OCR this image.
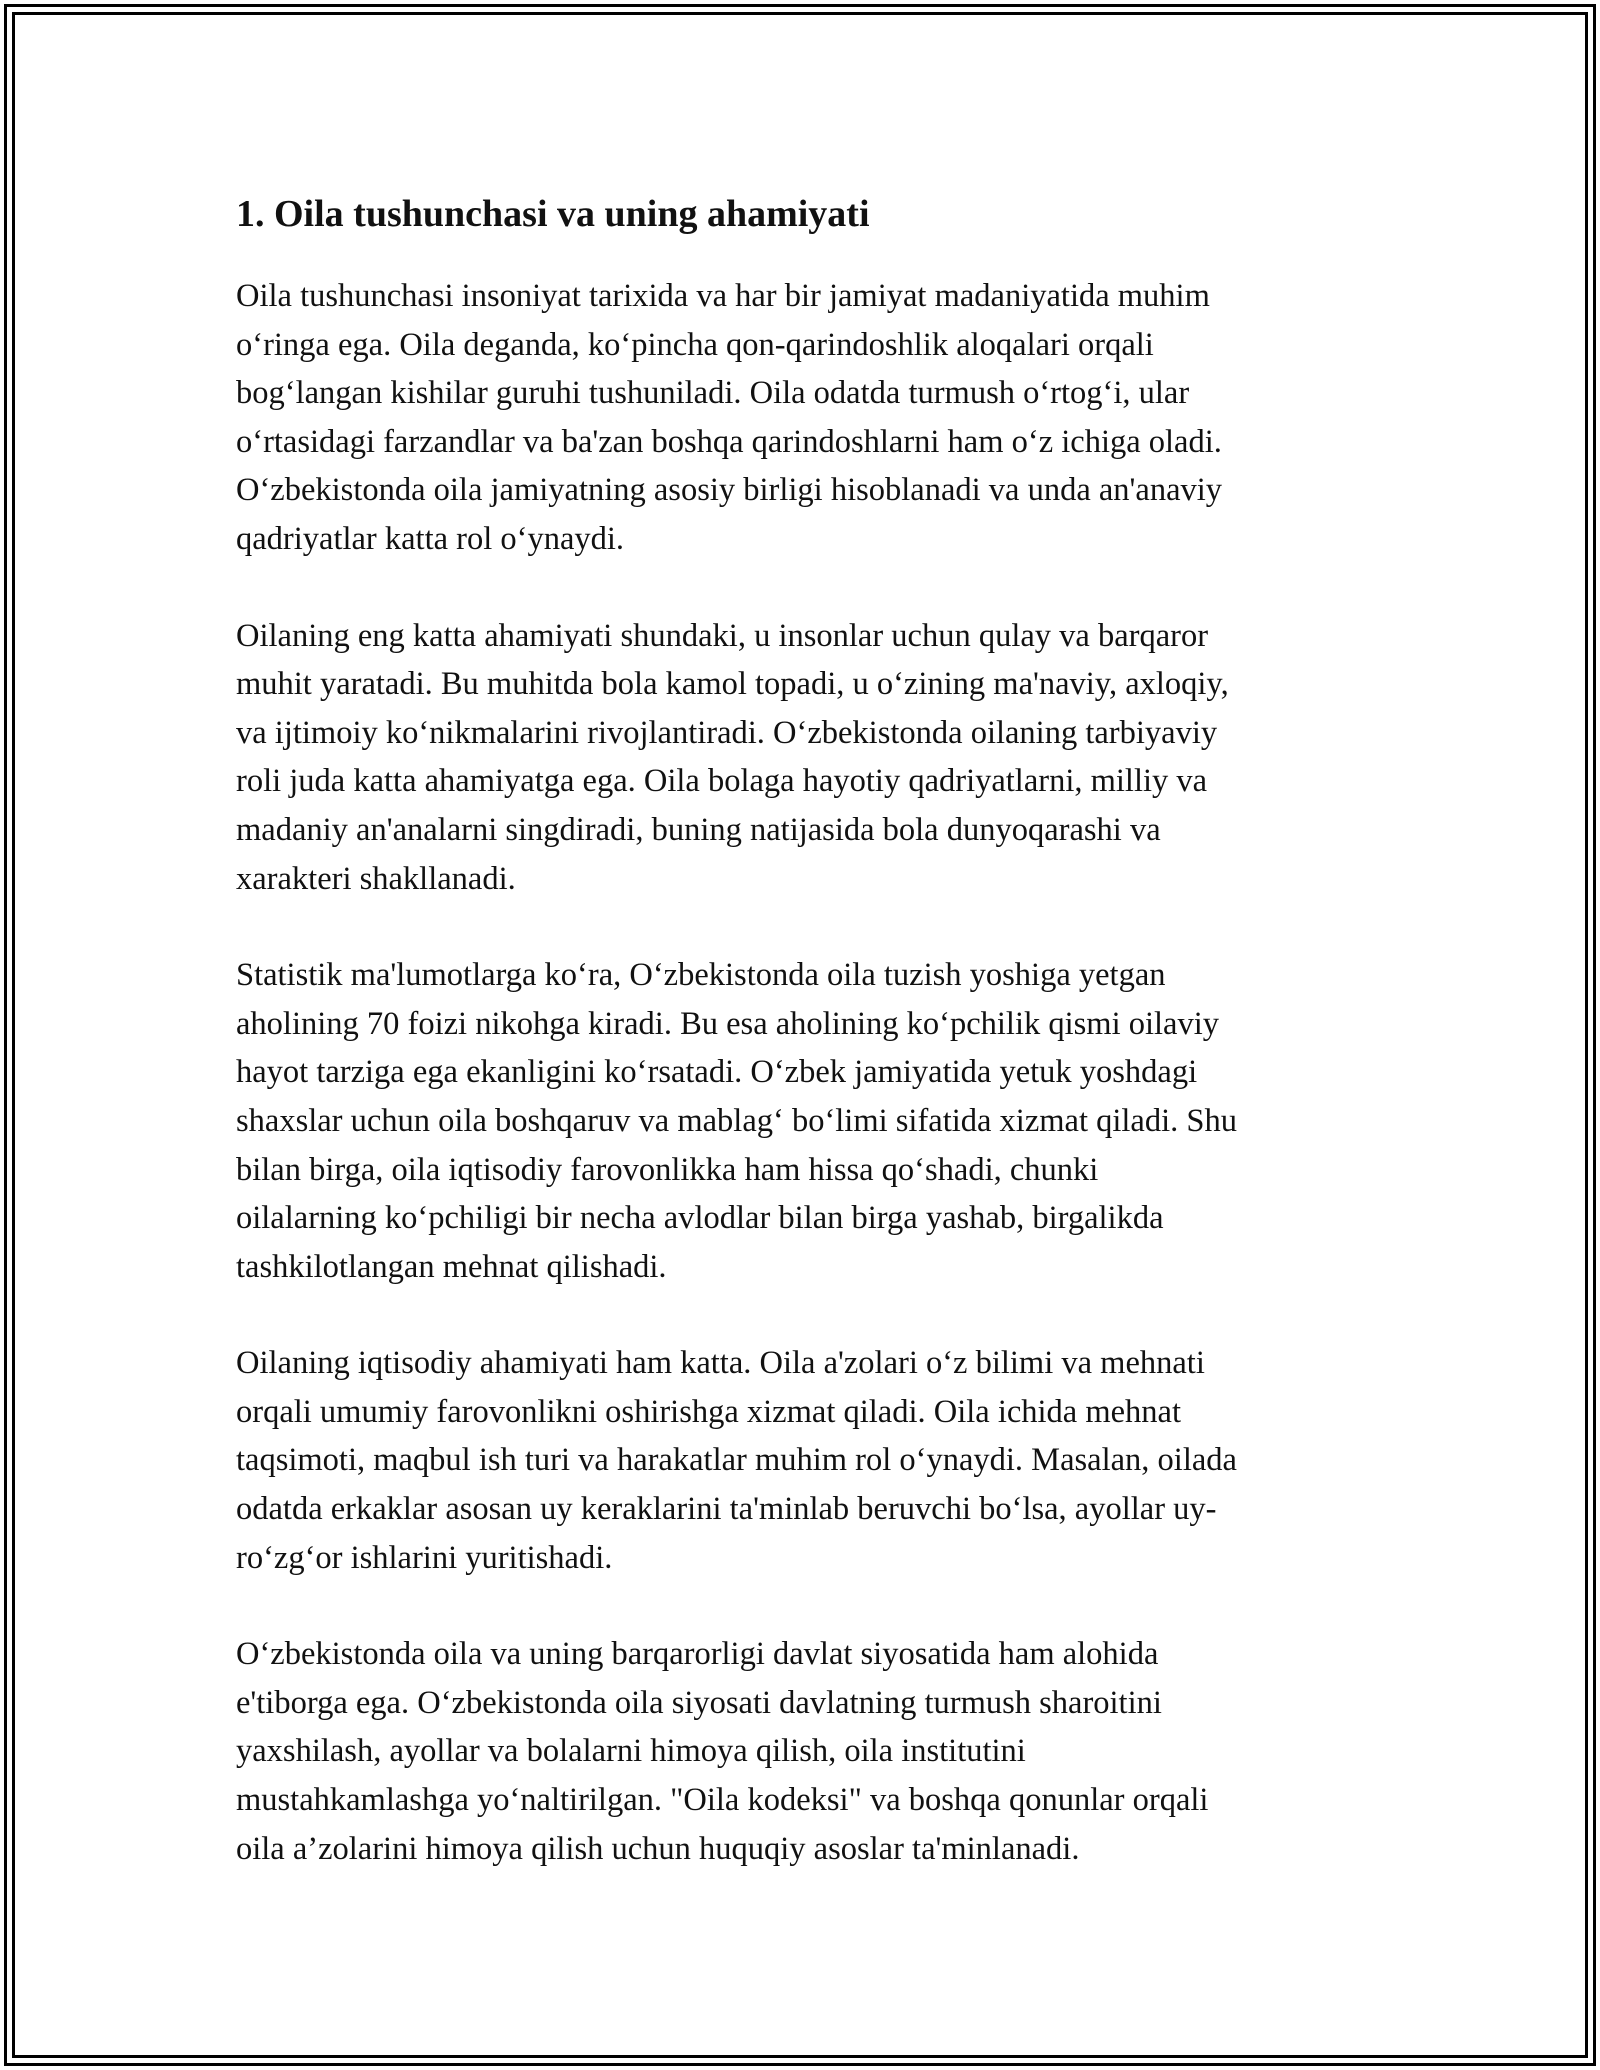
1. Oila tushunchasi va uning ahamiyati

Oila tushunchasi insoniyat tarixida va har bir jamiyat madaniyatida muhim
o‘ringa ega. Oila deganda, ko‘pincha qon-qarindoshlik aloqalari orqali
bog‘langan kishilar guruhi tushuniladi. Oila odatda turmush o‘rtog‘i, ular
o‘rtasidagi farzandlar va ba'zan boshqa qarindoshlarni ham o‘z ichiga oladi.
O‘zbekistonda oila jamiyatning asosiy birligi hisoblanadi va unda an'anaviy
qadriyatlar katta rol o‘ynaydi.

Oilaning eng katta ahamiyati shundaki, u insonlar uchun qulay va barqaror
muhit yaratadi. Bu muhitda bola kamol topadi, u o‘zining ma'naviy, axloqiy,
va ijtimoiy ko‘nikmalarini rivojlantiradi. O‘zbekistonda oilaning tarbiyaviy
roli juda katta ahamiyatga ega. Oila bolaga hayotiy qadriyatlarni, milliy va
madaniy an'analarni singdiradi, buning natijasida bola dunyoqarashi va
xarakteri shakllanadi.

Statistik ma'lumotlarga ko‘ra, O‘zbekistonda oila tuzish yoshiga yetgan
aholining 70 foizi nikohga kiradi. Bu esa aholining ko‘pchilik qismi oilaviy
hayot tarziga ega ekanligini ko‘rsatadi. O‘zbek jamiyatida yetuk yoshdagi
shaxslar uchun oila boshqaruv va mablag‘ bo‘limi sifatida xizmat qiladi. Shu
bilan birga, oila iqtisodiy farovonlikka ham hissa qo‘shadi, chunki
oilalarning ko‘pchiligi bir necha avlodlar bilan birga yashab, birgalikda
tashkilotlangan mehnat qilishadi.

Oilaning iqtisodiy ahamiyati ham katta. Oila a'zolari o‘z bilimi va mehnati
orqali umumiy farovonlikni oshirishga xizmat qiladi. Oila ichida mehnat
taqsimoti, maqbul ish turi va harakatlar muhim rol o‘ynaydi. Masalan, oilada
odatda erkaklar asosan uy keraklarini ta'minlab beruvchi bo‘lsa, ayollar uy-
ro‘zg‘or ishlarini yuritishadi.

O‘zbekistonda oila va uning barqarorligi davlat siyosatida ham alohida
e'tiborga ega. O‘zbekistonda oila siyosati davlatning turmush sharoitini
yaxshilash, ayollar va bolalarni himoya qilish, oila institutini
mustahkamlashga yo‘naltirilgan. "Oila kodeksi" va boshqa qonunlar orqali
oila a’zolarini himoya qilish uchun huquqiy asoslar ta'minlanadi.
